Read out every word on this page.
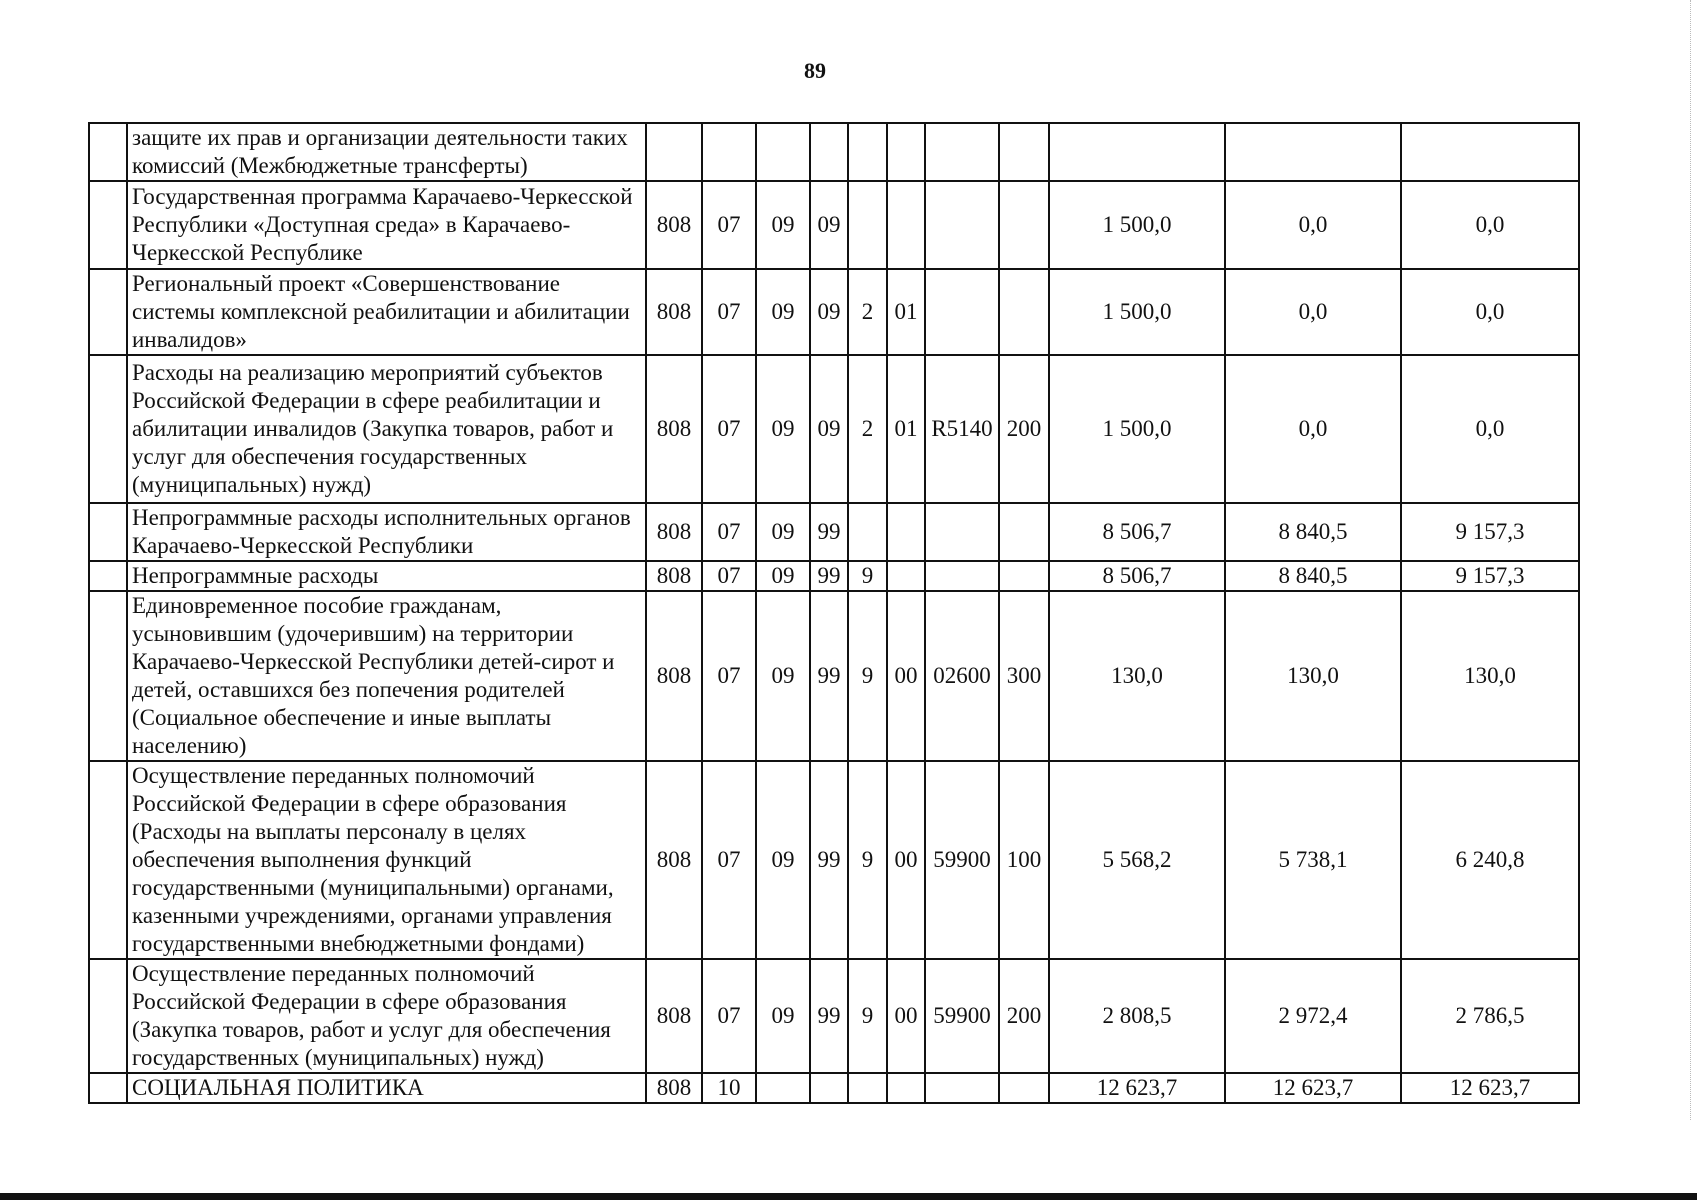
89
	защите их прав и организации деятельности таких комиссий (Межбюджетные трансферты)											
	Государственная программа Карачаево-Черкесской Республики «Доступная среда» в Карачаево-Черкесской Республике	808	07	09	09					1 500,0	0,0	0,0
	Региональный проект «Совершенствование системы комплексной реабилитации и абилитации инвалидов»	808	07	09	09	2	01			1 500,0	0,0	0,0
	Расходы на реализацию мероприятий субъектов Российской Федерации в сфере реабилитации и абилитации инвалидов (Закупка товаров, работ и услуг для обеспечения государственных (муниципальных) нужд)	808	07	09	09	2	01	R5140	200	1 500,0	0,0	0,0
	Непрограммные расходы исполнительных органов Карачаево-Черкесской Республики	808	07	09	99					8 506,7	8 840,5	9 157,3
	Непрограммные расходы	808	07	09	99	9				8 506,7	8 840,5	9 157,3
	Единовременное пособие гражданам, усыновившим (удочерившим) на территории Карачаево-Черкесской Республики детей-сирот и детей, оставшихся без попечения родителей (Социальное обеспечение и иные выплаты населению)	808	07	09	99	9	00	02600	300	130,0	130,0	130,0
	Осуществление переданных полномочий Российской Федерации в сфере образования (Расходы на выплаты персоналу в целях обеспечения выполнения функций государственными (муниципальными) органами, казенными учреждениями, органами управления государственными внебюджетными фондами)	808	07	09	99	9	00	59900	100	5 568,2	5 738,1	6 240,8
	Осуществление переданных полномочий Российской Федерации в сфере образования (Закупка товаров, работ и услуг для обеспечения государственных (муниципальных) нужд)	808	07	09	99	9	00	59900	200	2 808,5	2 972,4	2 786,5
	СОЦИАЛЬНАЯ ПОЛИТИКА	808	10							12 623,7	12 623,7	12 623,7
